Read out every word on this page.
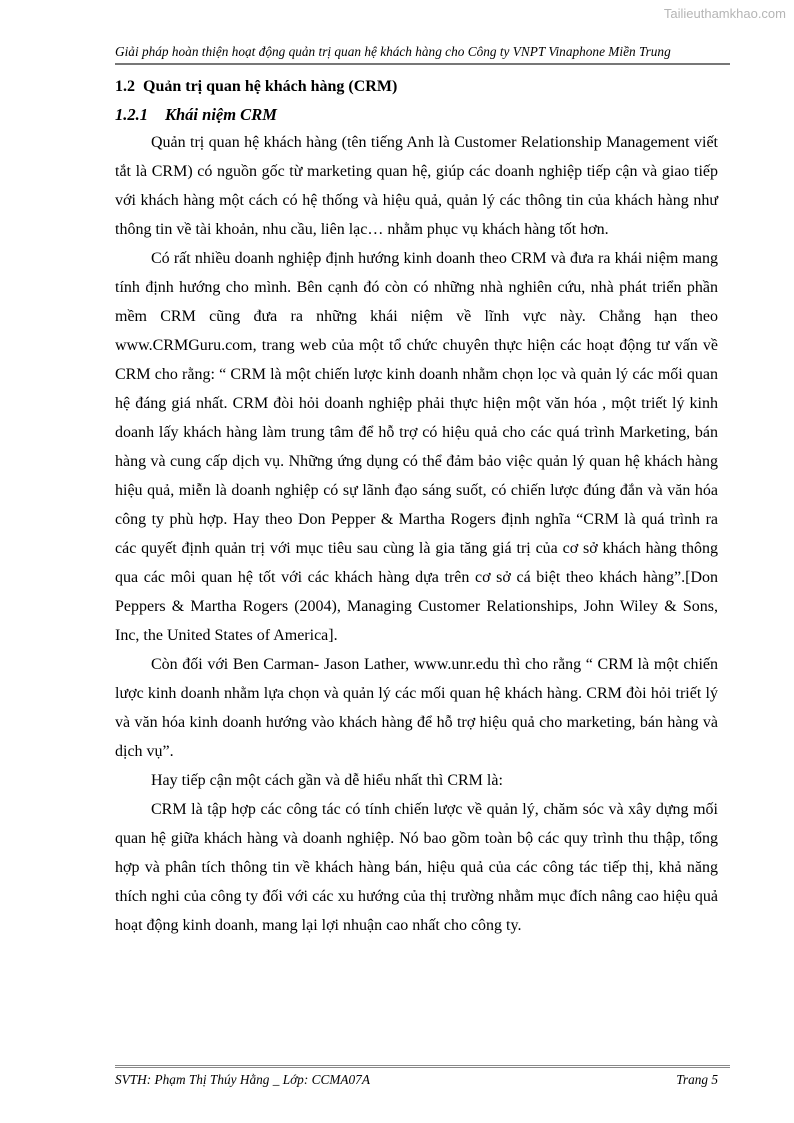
Tailieuthamkhao.com
Giải pháp hoàn thiện hoạt động quản trị quan hệ khách hàng cho Công ty VNPT Vinaphone Miền Trung
1.2 Quản trị quan hệ khách hàng (CRM)
1.2.1 Khái niệm CRM

Quản trị quan hệ khách hàng (tên tiếng Anh là Customer Relationship Management viết tắt là CRM) có nguồn gốc từ marketing quan hệ, giúp các doanh nghiệp tiếp cận và giao tiếp với khách hàng một cách có hệ thống và hiệu quả, quản lý các thông tin của khách hàng như thông tin về tài khoản, nhu cầu, liên lạc… nhằm phục vụ khách hàng tốt hơn.

Có rất nhiều doanh nghiệp định hướng kinh doanh theo CRM và đưa ra khái niệm mang tính định hướng cho mình. Bên cạnh đó còn có những nhà nghiên cứu, nhà phát triển phần mềm CRM cũng đưa ra những khái niệm về lĩnh vực này. Chẳng hạn theo www.CRMGuru.com, trang web của một tổ chức chuyên thực hiện các hoạt động tư vấn về CRM cho rằng: “ CRM là một chiến lược kinh doanh nhằm chọn lọc và quản lý các mối quan hệ đáng giá nhất. CRM đòi hỏi doanh nghiệp phải thực hiện một văn hóa , một triết lý kinh doanh lấy khách hàng làm trung tâm để hỗ trợ có hiệu quả cho các quá trình Marketing, bán hàng và cung cấp dịch vụ. Những ứng dụng có thể đảm bảo việc quản lý quan hệ khách hàng hiệu quả, miễn là doanh nghiệp có sự lãnh đạo sáng suốt, có chiến lược đúng đắn và văn hóa công ty phù hợp. Hay theo Don Pepper & Martha Rogers định nghĩa “CRM là quá trình ra các quyết định quản trị với mục tiêu sau cùng là gia tăng giá trị của cơ sở khách hàng thông qua các môi quan hệ tốt với các khách hàng dựa trên cơ sở cá biệt theo khách hàng”.[Don Peppers & Martha Rogers (2004), Managing Customer Relationships, John Wiley & Sons, Inc, the United States of America].

Còn đối với Ben Carman- Jason Lather, www.unr.edu thì cho rằng “ CRM là một chiến lược kinh doanh nhằm lựa chọn và quản lý các mối quan hệ khách hàng. CRM đòi hỏi triết lý và văn hóa kinh doanh hướng vào khách hàng để hỗ trợ hiệu quả cho marketing, bán hàng và dịch vụ”.

Hay tiếp cận một cách gần và dễ hiểu nhất thì CRM là:

CRM là tập hợp các công tác có tính chiến lược về quản lý, chăm sóc và xây dựng mối quan hệ giữa khách hàng và doanh nghiệp. Nó bao gồm toàn bộ các quy trình thu thập, tổng hợp và phân tích thông tin về khách hàng bán, hiệu quả của các công tác tiếp thị, khả năng thích nghi của công ty đối với các xu hướng của thị trường nhằm mục đích nâng cao hiệu quả hoạt động kinh doanh, mang lại lợi nhuận cao nhất cho công ty.

SVTH: Phạm Thị Thúy Hằng _ Lớp: CCMA07A	Trang 5
